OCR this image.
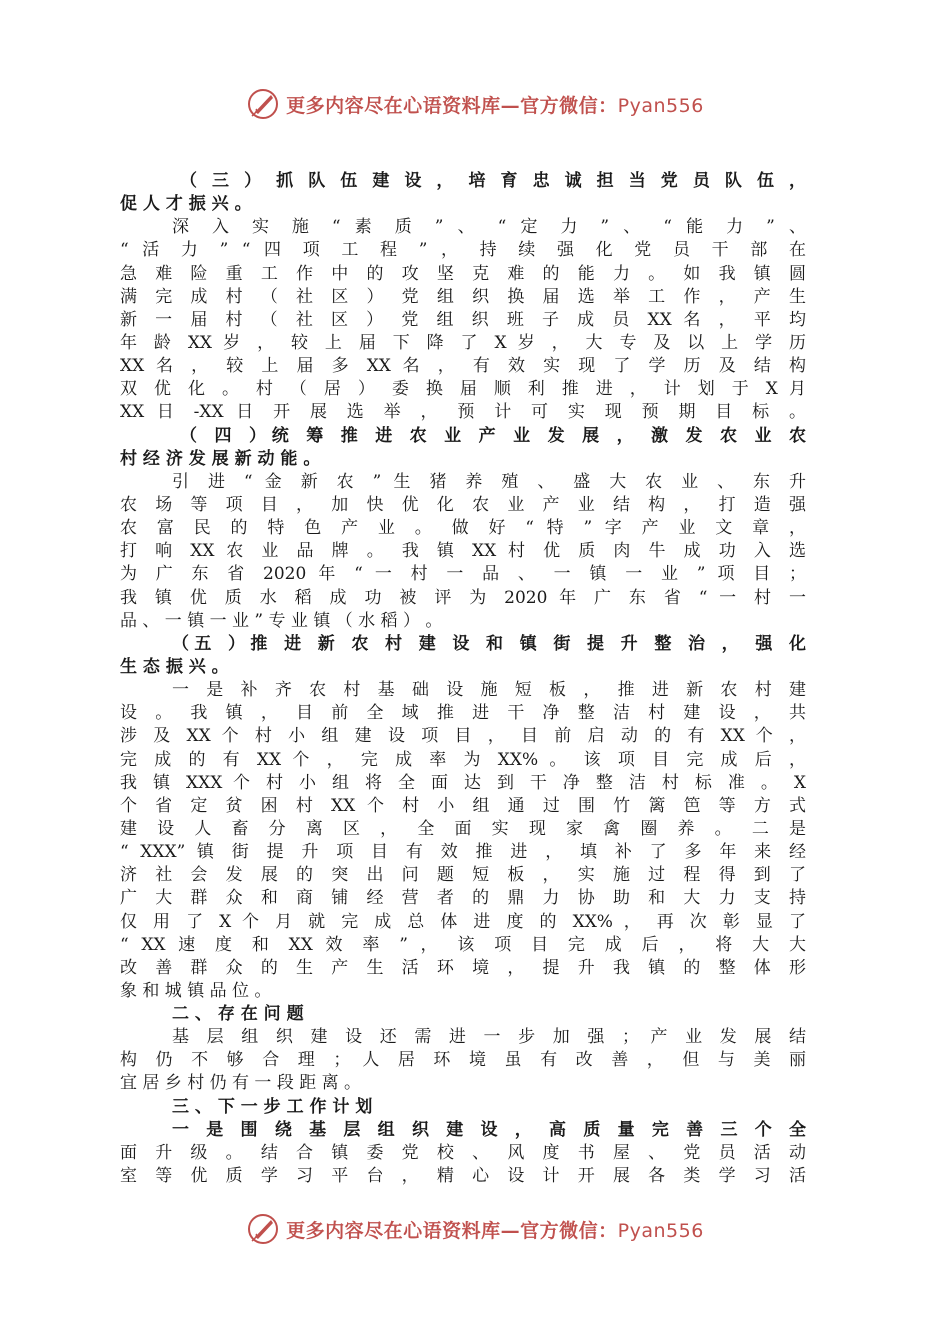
更多内容尽在心语资料库—官方微信：Pyan556
（ 三 ） 抓 队 伍 建 设 ， 培 育 忠 诚 担 当 党 员 队 伍 ，
促 人 才 振 兴 。
深 入 实 施 “ 素 质 ” 、 “ 定 力 ” 、 “ 能 力 ” 、
“ 活 力 ” “ 四 项 工 程 ” ， 持 续 强 化 党 员 干 部 在
急 难 险 重 工 作 中 的 攻 坚 克 难 的 能 力 。 如 我 镇 圆
满 完 成 村 （ 社 区 ） 党 组 织 换 届 选 举 工 作 ， 产 生
新 一 届 村 （ 社 区 ） 党 组 织 班 子 成 员 XX 名 ， 平 均
年 龄 XX 岁 ， 较 上 届 下 降 了 X 岁 ， 大 专 及 以 上 学 历
XX 名 ， 较 上 届 多 XX 名 ， 有 效 实 现 了 学 历 及 结 构
双 优 化 。 村 （ 居 ） 委 换 届 顺 利 推 进 ， 计 划 于 X 月
XX 日 -XX 日 开 展 选 举 ， 预 计 可 实 现 预 期 目 标 。
（ 四 ）统 筹 推 进 农 业 产 业 发 展 ， 激 发 农 业 农
村 经 济 发 展 新 动 能 。
引 进 “ 金 新 农 ” 生 猪 养 殖 、 盛 大 农 业 、 东 升
农 场 等 项 目 ， 加 快 优 化 农 业 产 业 结 构 ， 打 造 强
农 富 民 的 特 色 产 业 。 做 好 “ 特 ” 字 产 业 文 章 ，
打 响 XX 农 业 品 牌 。 我 镇 XX 村 优 质 肉 牛 成 功 入 选
为 广 东 省 2020 年 “ 一 村 一 品 、 一 镇 一 业 ” 项 目 ；
我 镇 优 质 水 稻 成 功 被 评 为 2020 年 广 东 省 “ 一 村 一
品 、 一 镇 一 业 ” 专 业 镇 （ 水 稻 ） 。
（五 ）推 进 新 农 村 建 设 和 镇 街 提 升 整 治 ， 强 化
生 态 振 兴 。
一 是 补 齐 农 村 基 础 设 施 短 板 ， 推 进 新 农 村 建
设 。 我 镇 ， 目 前 全 域 推 进 干 净 整 洁 村 建 设 ， 共
涉 及 XX 个 村 小 组 建 设 项 目 ， 目 前 启 动 的 有 XX 个 ，
完 成 的 有 XX 个 ， 完 成 率 为 XX% 。 该 项 目 完 成 后 ，
我 镇 XXX 个 村 小 组 将 全 面 达 到 干 净 整 洁 村 标 准 。 X
个 省 定 贫 困 村 XX 个 村 小 组 通 过 围 竹 篱 笆 等 方 式
建 设 人 畜 分 离 区 ， 全 面 实 现 家 禽 圈 养 。 二 是
“ XXX” 镇 街 提 升 项 目 有 效 推 进 ， 填 补 了 多 年 来 经
济 社 会 发 展 的 突 出 问 题 短 板 ， 实 施 过 程 得 到 了
广 大 群 众 和 商 铺 经 营 者 的 鼎 力 协 助 和 大 力 支 持
仅 用 了 X 个 月 就 完 成 总 体 进 度 的 XX% ， 再 次 彰 显 了
“ XX 速 度 和 XX 效 率 ” ， 该 项 目 完 成 后 ， 将 大 大
改 善 群 众 的 生 产 生 活 环 境 ， 提 升 我 镇 的 整 体 形
象 和 城 镇 品 位 。
二 、 存 在 问 题
基 层 组 织 建 设 还 需 进 一 步 加 强 ； 产 业 发 展 结
构 仍 不 够 合 理 ； 人 居 环 境 虽 有 改 善 ， 但 与 美 丽
宜 居 乡 村 仍 有 一 段 距 离 。
三 、 下 一 步 工 作 计 划
一 是 围 绕 基 层 组 织 建 设 ， 高 质 量 完 善 三 个 全
面 升 级 。 结 合 镇 委 党 校 、 风 度 书 屋 、 党 员 活 动
室 等 优 质 学 习 平 台 ， 精 心 设 计 开 展 各 类 学 习 活
更多内容尽在心语资料库—官方微信：Pyan556
